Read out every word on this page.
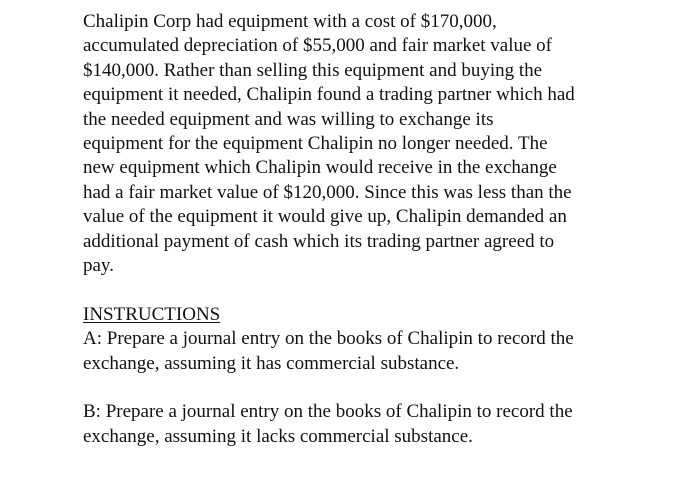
Chalipin Corp had equipment with a cost of $170,000,
accumulated depreciation of $55,000 and fair market value of
$140,000. Rather than selling this equipment and buying the
equipment it needed, Chalipin found a trading partner which had
the needed equipment and was willing to exchange its
equipment for the equipment Chalipin no longer needed. The
new equipment which Chalipin would receive in the exchange
had a fair market value of $120,000. Since this was less than the
value of the equipment it would give up, Chalipin demanded an
additional payment of cash which its trading partner agreed to
pay.
INSTRUCTIONS
A: Prepare a journal entry on the books of Chalipin to record the
exchange, assuming it has commercial substance.
B: Prepare a journal entry on the books of Chalipin to record the
exchange, assuming it lacks commercial substance.
